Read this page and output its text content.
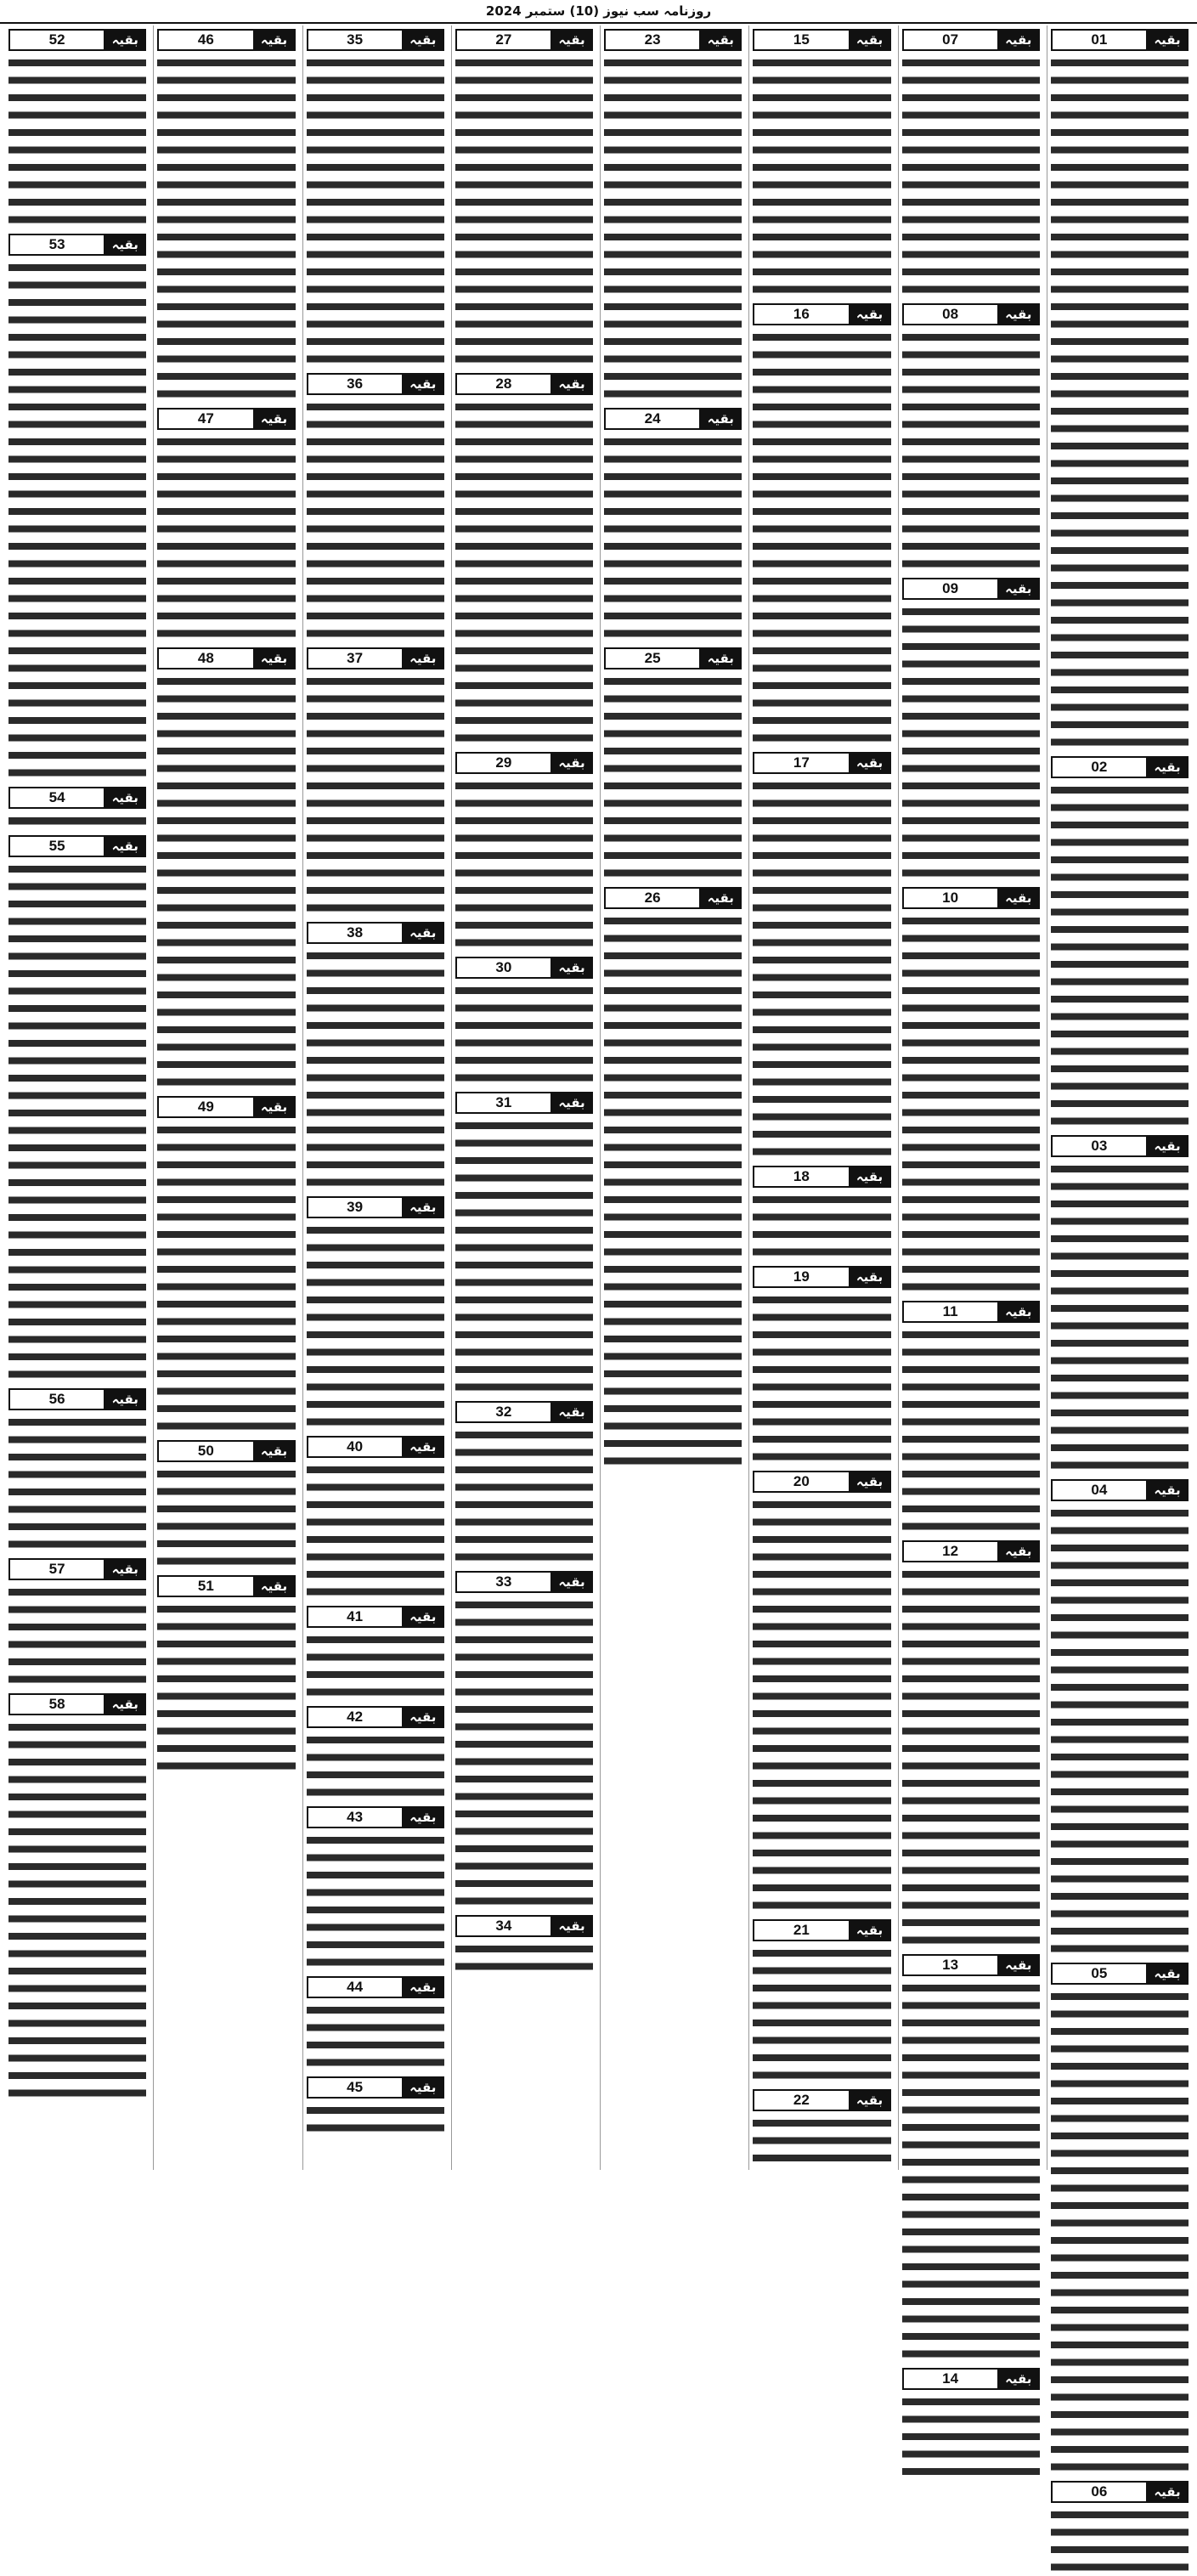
روزنامہ سب نیوز (10) ستمبر 2024
01	بقیہ
02	بقیہ
03	بقیہ
04	بقیہ
05	بقیہ
06	بقیہ
07	بقیہ
08	بقیہ
09	بقیہ
10	بقیہ
11	بقیہ
12	بقیہ
13	بقیہ
14	بقیہ
15	بقیہ
16	بقیہ
17	بقیہ
18	بقیہ
19	بقیہ
20	بقیہ
21	بقیہ
22	بقیہ
23	بقیہ
24	بقیہ
25	بقیہ
26	بقیہ
27	بقیہ
28	بقیہ
29	بقیہ
30	بقیہ
31	بقیہ
32	بقیہ
33	بقیہ
34	بقیہ
35	بقیہ
36	بقیہ
37	بقیہ
38	بقیہ
39	بقیہ
40	بقیہ
41	بقیہ
42	بقیہ
43	بقیہ
44	بقیہ
45	بقیہ
46	بقیہ
47	بقیہ
48	بقیہ
49	بقیہ
50	بقیہ
51	بقیہ
52	بقیہ
53	بقیہ
54	بقیہ
55	بقیہ
56	بقیہ
57	بقیہ
58	بقیہ
